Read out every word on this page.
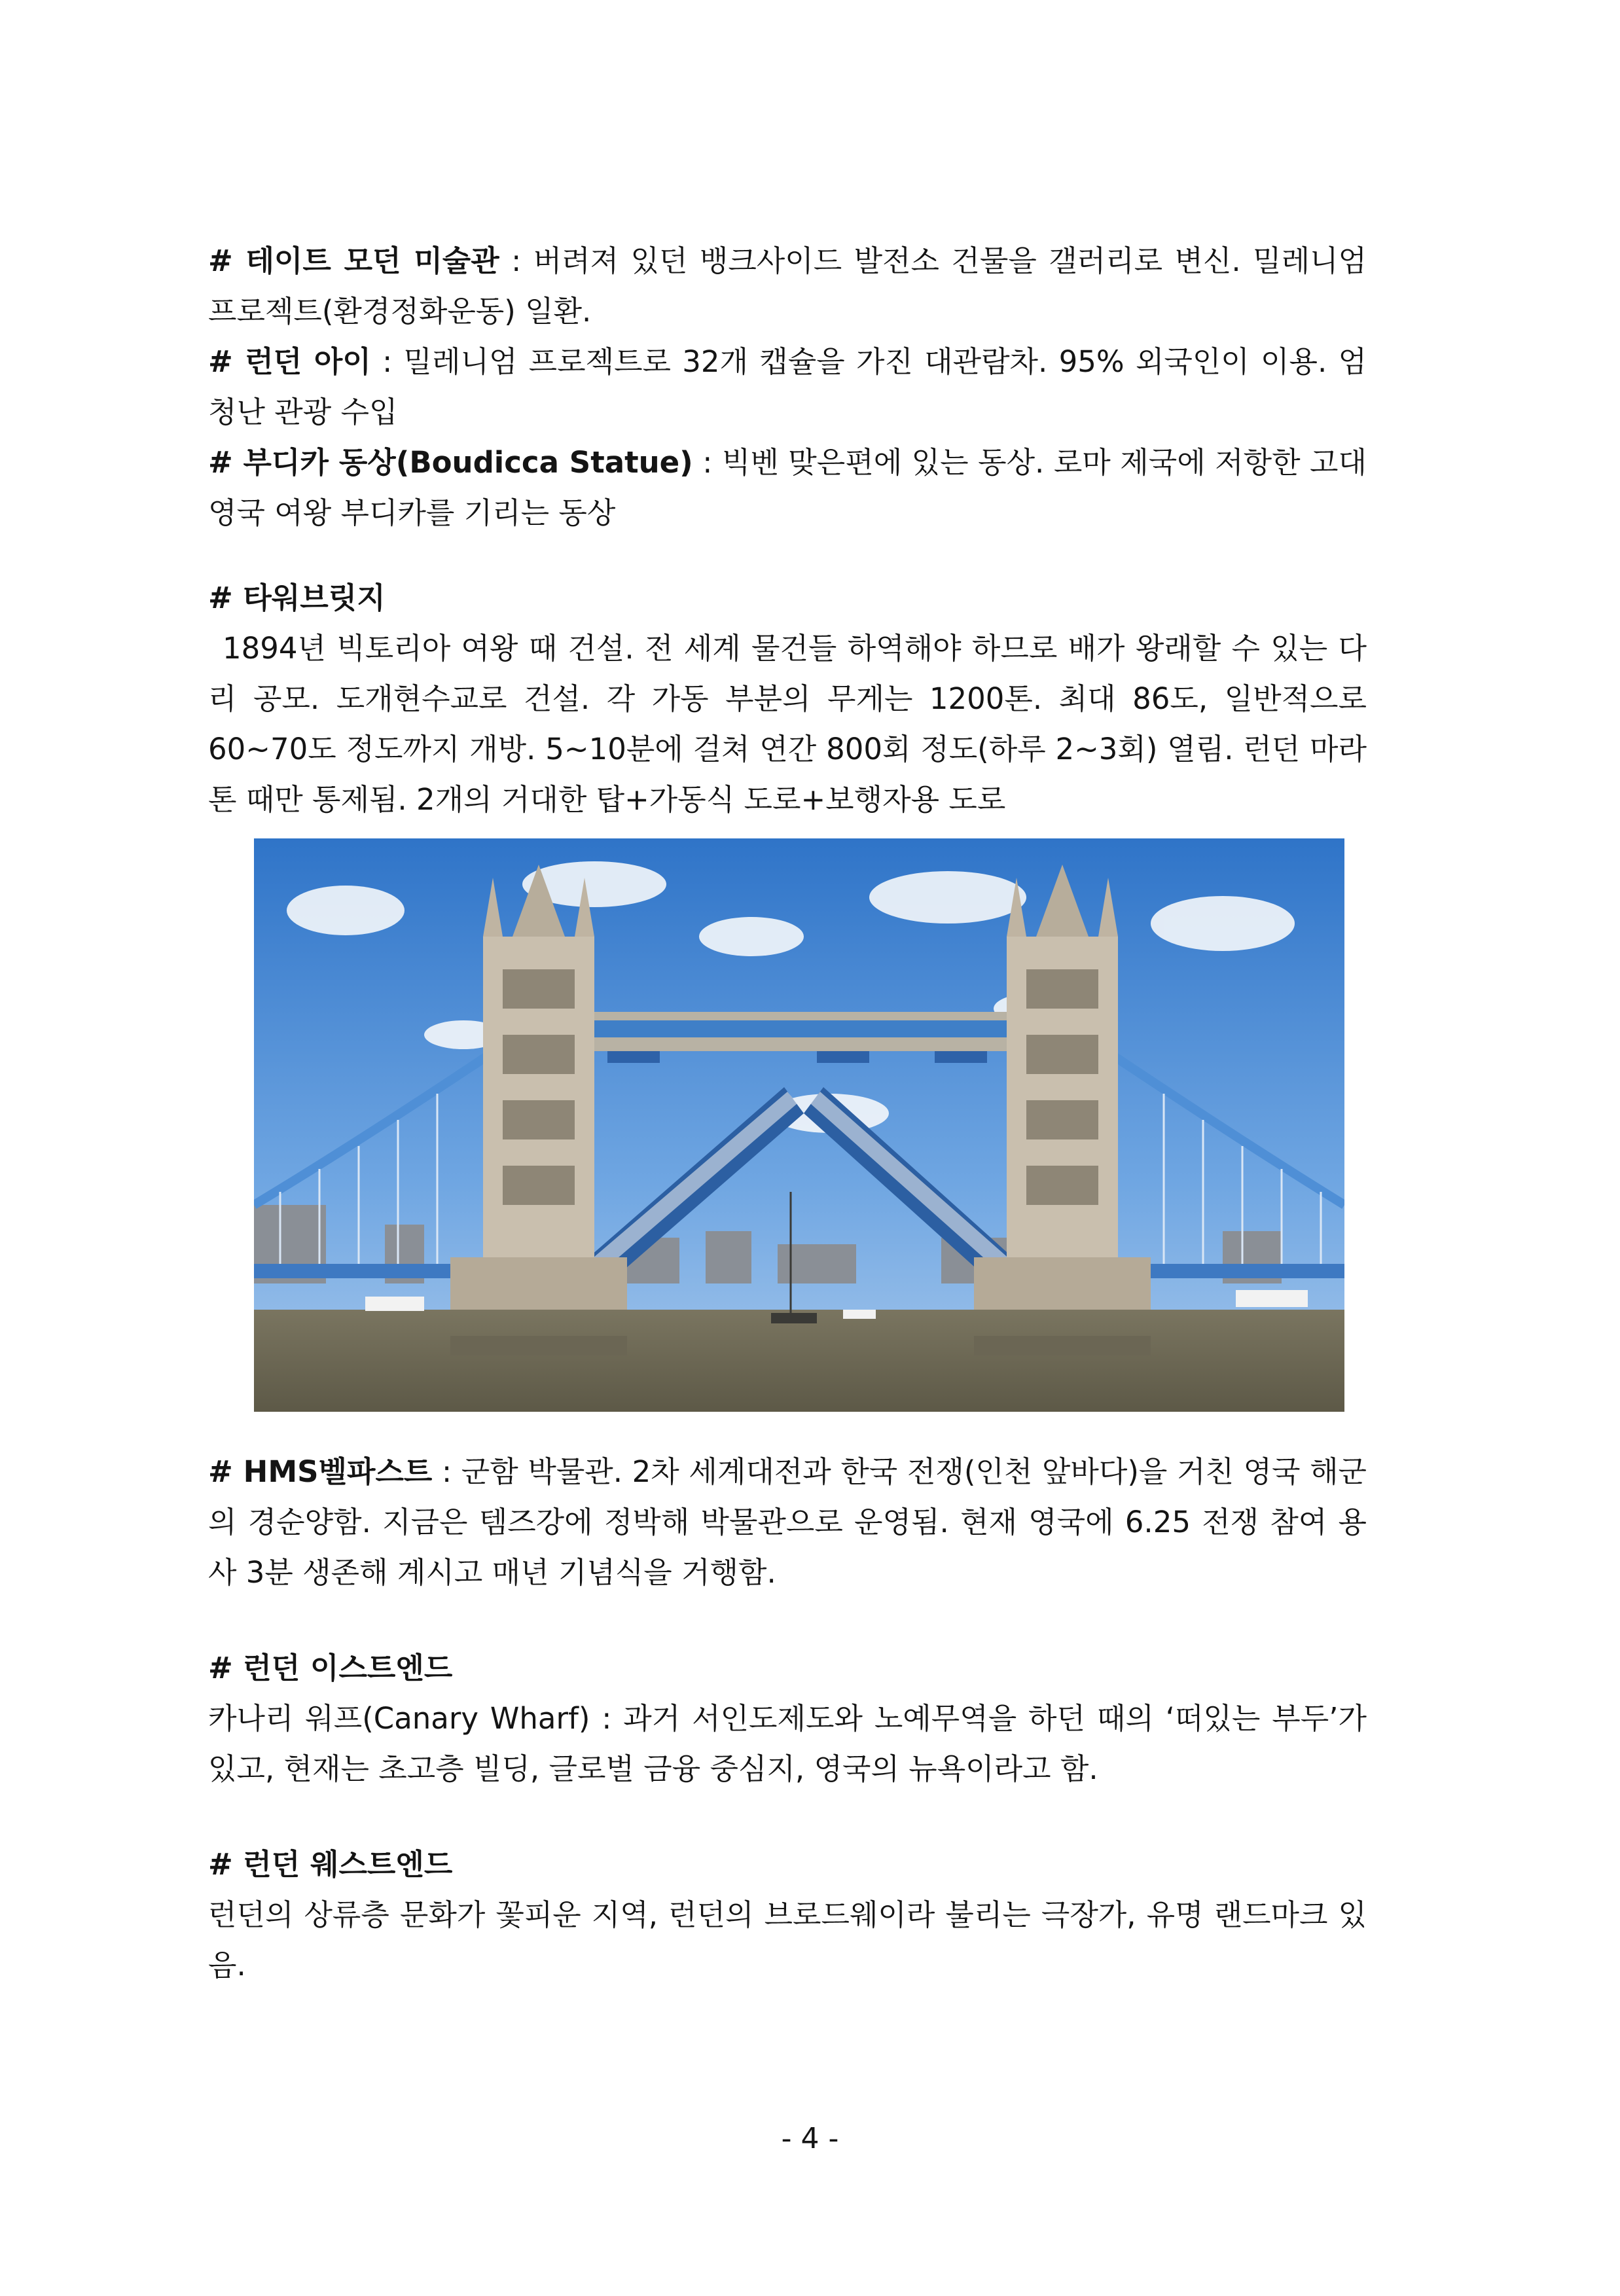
# 테이트 모던 미술관 : 버려져 있던 뱅크사이드 발전소 건물을 갤러리로 변신. 밀레니엄 프로젝트(환경정화운동) 일환.

# 런던 아이 : 밀레니엄 프로젝트로 32개 캡슐을 가진 대관람차. 95% 외국인이 이용. 엄청난 관광 수입

# 부디카 동상(Boudicca Statue) : 빅벤 맞은편에 있는 동상. 로마 제국에 저항한 고대 영국 여왕 부디카를 기리는 동상

# 타워브릿지

1894년 빅토리아 여왕 때 건설. 전 세계 물건들 하역해야 하므로 배가 왕래할 수 있는 다리 공모. 도개현수교로 건설. 각 가동 부분의 무게는 1200톤. 최대 86도, 일반적으로 60~70도 정도까지 개방. 5~10분에 걸쳐 연간 800회 정도(하루 2~3회) 열림. 런던 마라톤 때만 통제됨. 2개의 거대한 탑+가동식 도로+보행자용 도로

# HMS벨파스트 : 군함 박물관. 2차 세계대전과 한국 전쟁(인천 앞바다)을 거친 영국 해군의 경순양함. 지금은 템즈강에 정박해 박물관으로 운영됨. 현재 영국에 6.25 전쟁 참여 용사 3분 생존해 계시고 매년 기념식을 거행함.

# 런던 이스트엔드

카나리 워프(Canary Wharf) : 과거 서인도제도와 노예무역을 하던 때의 ‘떠있는 부두’가 있고, 현재는 초고층 빌딩, 글로벌 금융 중심지, 영국의 뉴욕이라고 함.

# 런던 웨스트엔드

런던의 상류층 문화가 꽃피운 지역, 런던의 브로드웨이라 불리는 극장가, 유명 랜드마크 있음.

- 4 -
